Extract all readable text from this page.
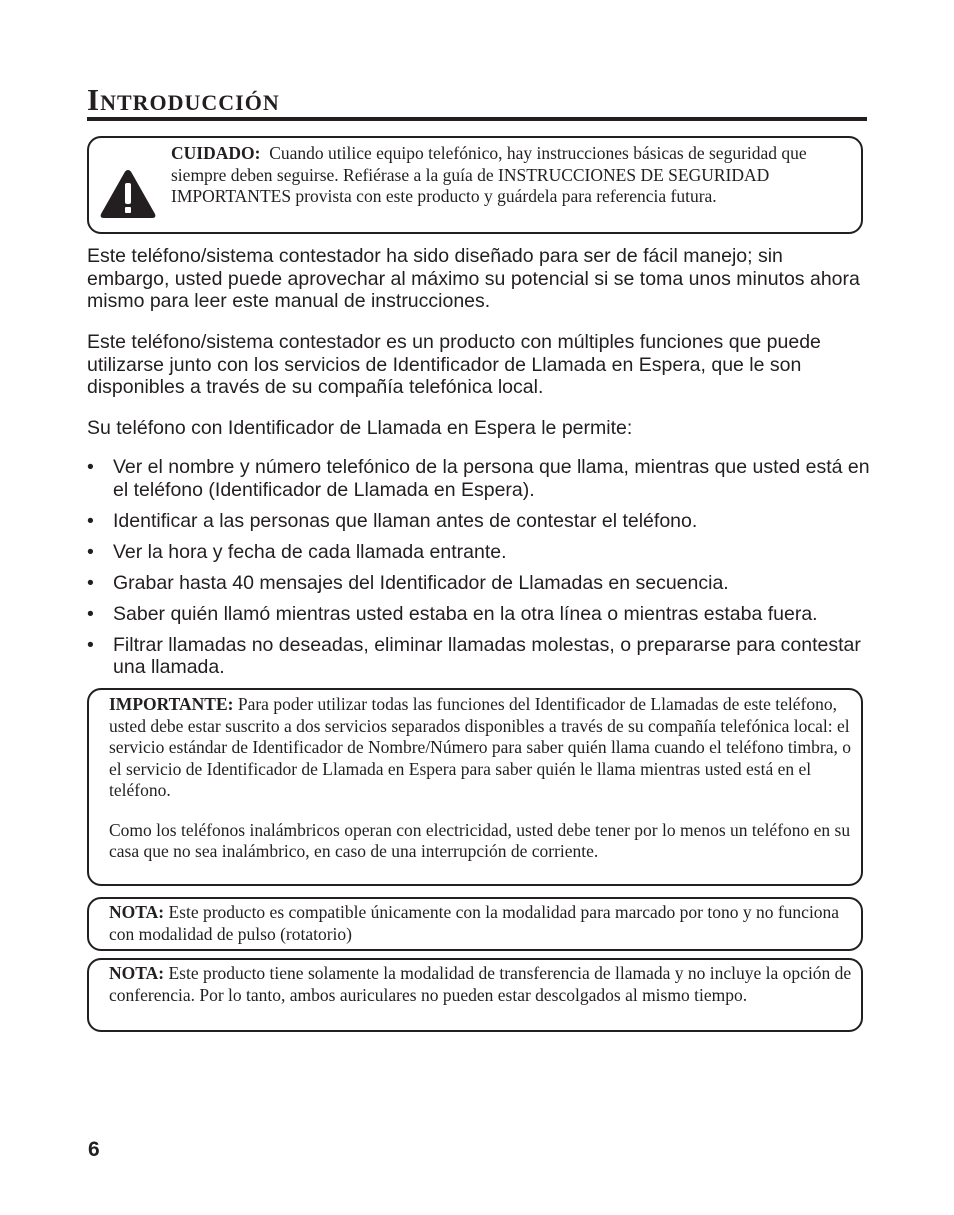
Introducción
CUIDADO: Cuando utilice equipo telefónico, hay instrucciones básicas de seguridad que siempre deben seguirse. Refiérase a la guía de INSTRUCCIONES DE SEGURIDAD IMPORTANTES provista con este producto y guárdela para referencia futura.

Este teléfono/sistema contestador ha sido diseñado para ser de fácil manejo; sin embargo, usted puede aprovechar al máximo su potencial si se toma unos minutos ahora mismo para leer este manual de instrucciones.

Este teléfono/sistema contestador es un producto con múltiples funciones que puede utilizarse junto con los servicios de Identificador de Llamada en Espera, que le son disponibles a través de su compañía telefónica local.

Su teléfono con Identificador de Llamada en Espera le permite:

• Ver el nombre y número telefónico de la persona que llama, mientras que usted está en el teléfono (Identificador de Llamada en Espera).
• Identificar a las personas que llaman antes de contestar el teléfono.
• Ver la hora y fecha de cada llamada entrante.
• Grabar hasta 40 mensajes del Identificador de Llamadas en secuencia.
• Saber quién llamó mientras usted estaba en la otra línea o mientras estaba fuera.
• Filtrar llamadas no deseadas, eliminar llamadas molestas, o prepararse para contestar una llamada.
IMPORTANTE: Para poder utilizar todas las funciones del Identificador de Llamadas de este teléfono, usted debe estar suscrito a dos servicios separados disponibles a través de su compañía telefónica local: el servicio estándar de Identificador de Nombre/Número para saber quién llama cuando el teléfono timbra, o el servicio de Identificador de Llamada en Espera para saber quién le llama mientras usted está en el teléfono.
Como los teléfonos inalámbricos operan con electricidad, usted debe tener por lo menos un teléfono en su casa que no sea inalámbrico, en caso de una interrupción de corriente.
NOTA: Este producto es compatible únicamente con la modalidad para marcado por tono y no funciona con modalidad de pulso (rotatorio)
NOTA: Este producto tiene solamente la modalidad de transferencia de llamada y no incluye la opción de conferencia. Por lo tanto, ambos auriculares no pueden estar descolgados al mismo tiempo.
6
